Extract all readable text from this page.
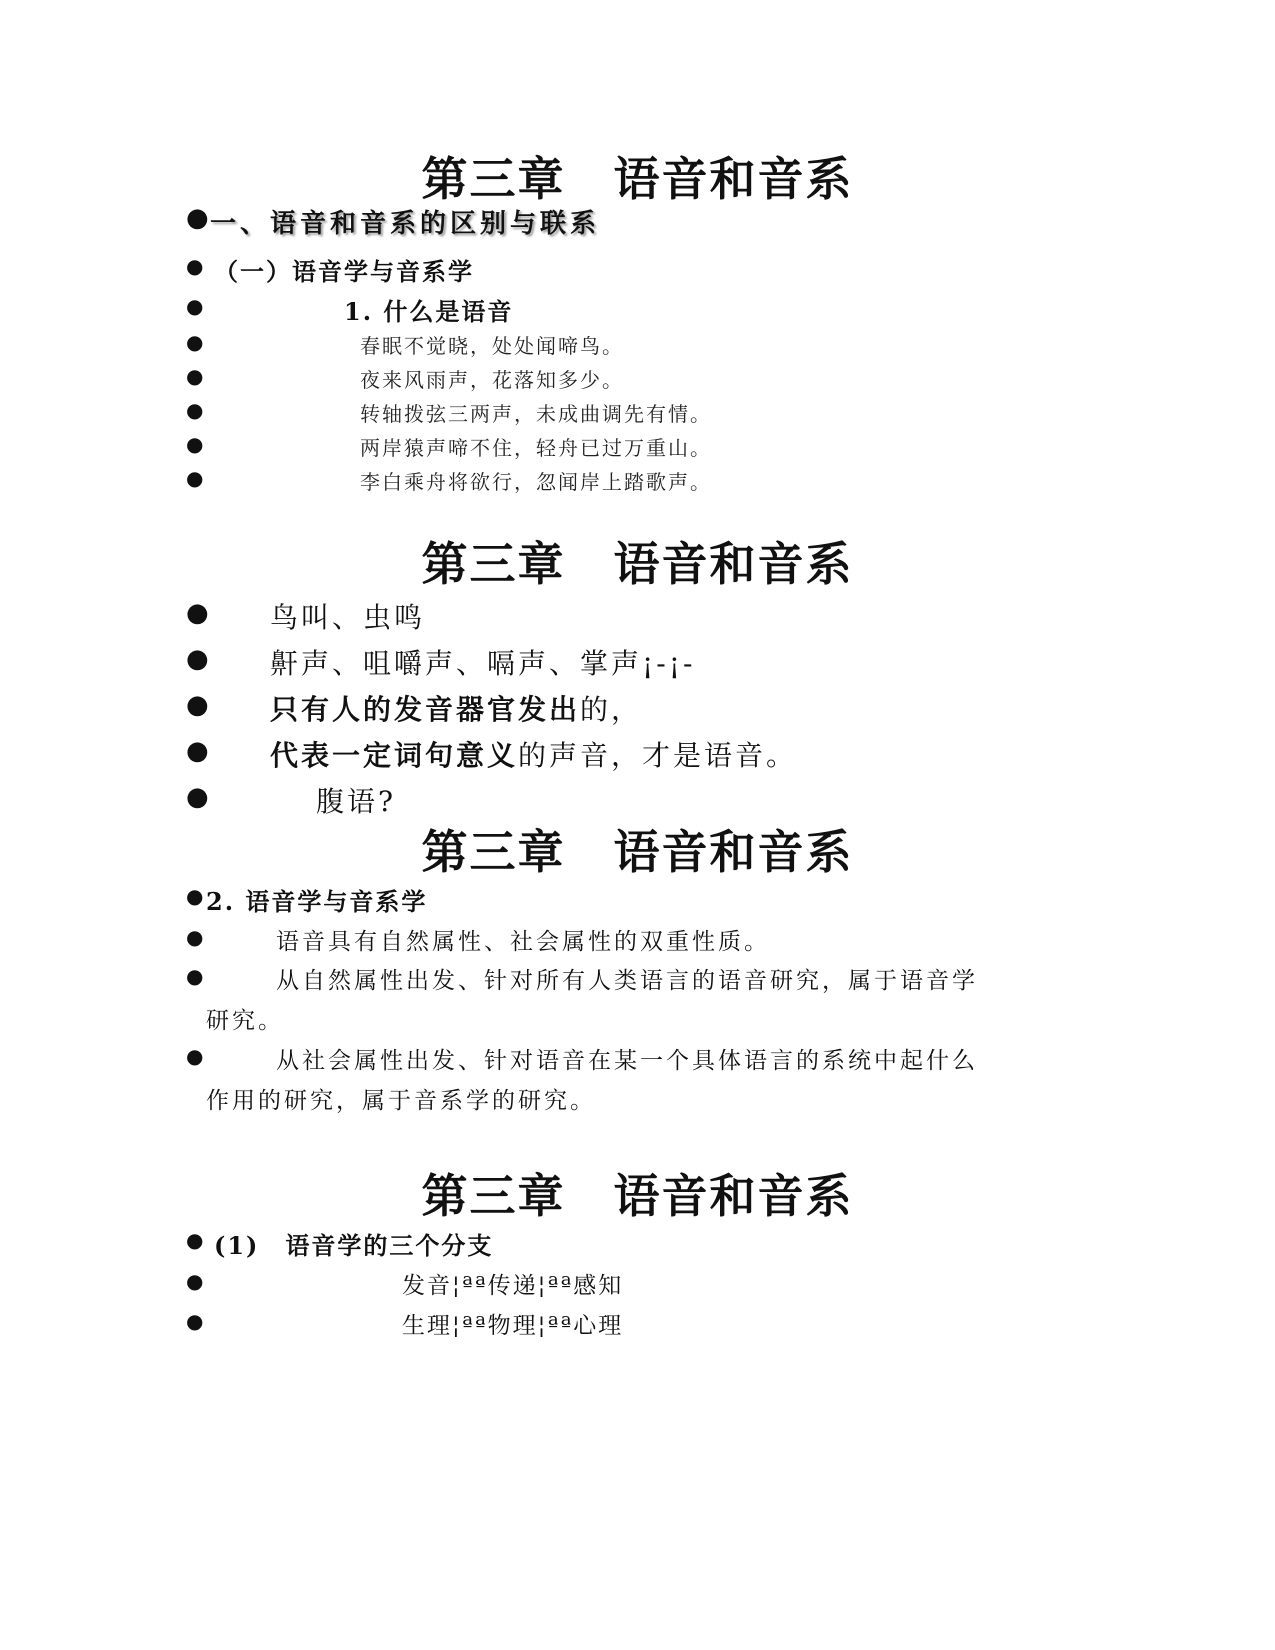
第三章　语音和音系
● 一、语音和音系的区别与联系
● （一）语音学与音系学
●	1. 什么是语音
●	春眠不觉晓，处处闻啼鸟。
●	夜来风雨声，花落知多少。
●	转轴拨弦三两声，未成曲调先有情。
●	两岸猿声啼不住，轻舟已过万重山。
●	李白乘舟将欲行，忽闻岸上踏歌声。
第三章　语音和音系
● 鸟叫、虫鸣
● 鼾声、咀嚼声、嗝声、掌声¡-¡-
● 只有人的发音器官发出的，
● 代表一定词句意义的声音，才是语音。
●	腹语?
第三章　语音和音系
● 2. 语音学与音系学
●	语音具有自然属性、社会属性的双重性质。
●	从自然属性出发、针对所有人类语言的语音研究，属于语音学
研究。
●	从社会属性出发、针对语音在某一个具体语言的系统中起什么
作用的研究，属于音系学的研究。
第三章　语音和音系
● (1)　语音学的三个分支
●	发音¦ªª传递¦ªª感知
●	生理¦ªª物理¦ªª心理
